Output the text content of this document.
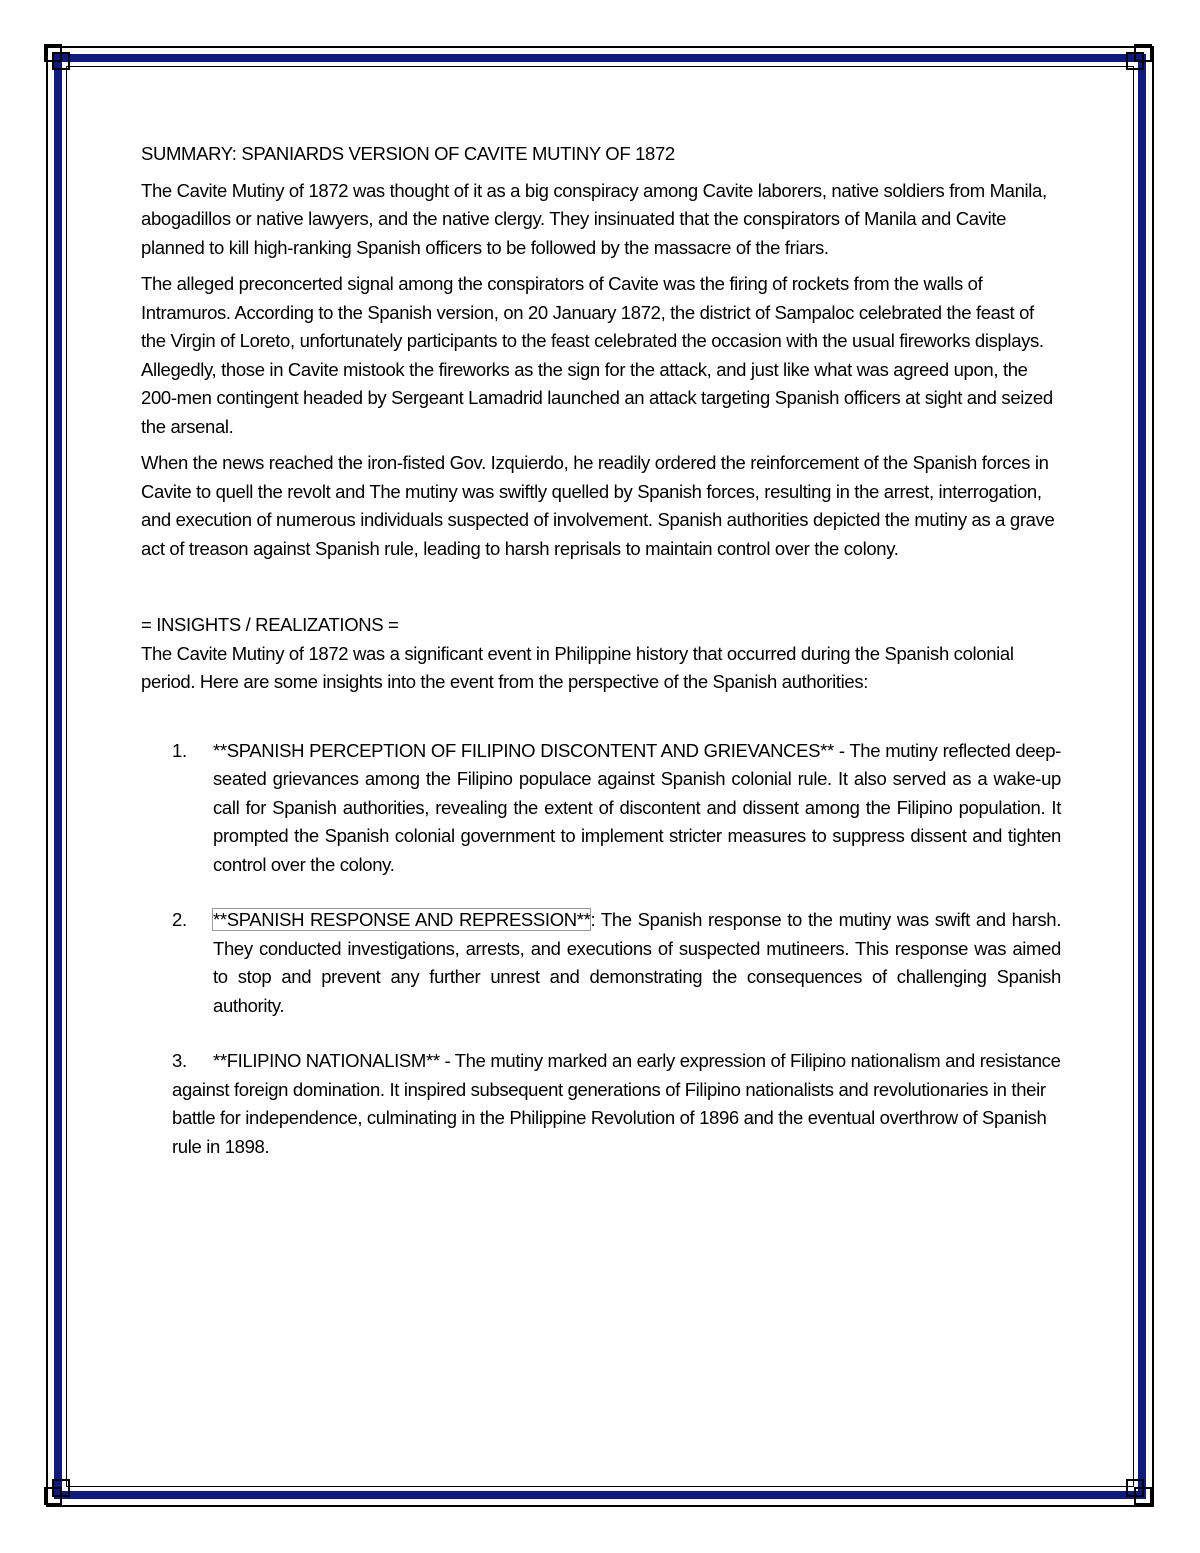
SUMMARY: SPANIARDS VERSION OF CAVITE MUTINY OF 1872

The Cavite Mutiny of 1872 was thought of it as a big conspiracy among Cavite laborers, native soldiers from Manila, abogadillos or native lawyers, and the native clergy. They insinuated that the conspirators of Manila and Cavite planned to kill high-ranking Spanish officers to be followed by the massacre of the friars.

The alleged preconcerted signal among the conspirators of Cavite was the firing of rockets from the walls of Intramuros. According to the Spanish version, on 20 January 1872, the district of Sampaloc celebrated the feast of the Virgin of Loreto, unfortunately participants to the feast celebrated the occasion with the usual fireworks displays. Allegedly, those in Cavite mistook the fireworks as the sign for the attack, and just like what was agreed upon, the 200-men contingent headed by Sergeant Lamadrid launched an attack targeting Spanish officers at sight and seized the arsenal.

When the news reached the iron-fisted Gov. Izquierdo, he readily ordered the reinforcement of the Spanish forces in Cavite to quell the revolt and The mutiny was swiftly quelled by Spanish forces, resulting in the arrest, interrogation, and execution of numerous individuals suspected of involvement. Spanish authorities depicted the mutiny as a grave act of treason against Spanish rule, leading to harsh reprisals to maintain control over the colony.

= INSIGHTS / REALIZATIONS =

The Cavite Mutiny of 1872 was a significant event in Philippine history that occurred during the Spanish colonial period. Here are some insights into the event from the perspective of the Spanish authorities:

1. **SPANISH PERCEPTION OF FILIPINO DISCONTENT AND GRIEVANCES** - The mutiny reflected deep-seated grievances among the Filipino populace against Spanish colonial rule. It also served as a wake-up call for Spanish authorities, revealing the extent of discontent and dissent among the Filipino population. It prompted the Spanish colonial government to implement stricter measures to suppress dissent and tighten control over the colony.
2. **SPANISH RESPONSE AND REPRESSION**: The Spanish response to the mutiny was swift and harsh. They conducted investigations, arrests, and executions of suspected mutineers. This response was aimed to stop and prevent any further unrest and demonstrating the consequences of challenging Spanish authority.

3. **FILIPINO NATIONALISM** - The mutiny marked an early expression of Filipino nationalism and resistance against foreign domination. It inspired subsequent generations of Filipino nationalists and revolutionaries in their battle for independence, culminating in the Philippine Revolution of 1896 and the eventual overthrow of Spanish rule in 1898.
